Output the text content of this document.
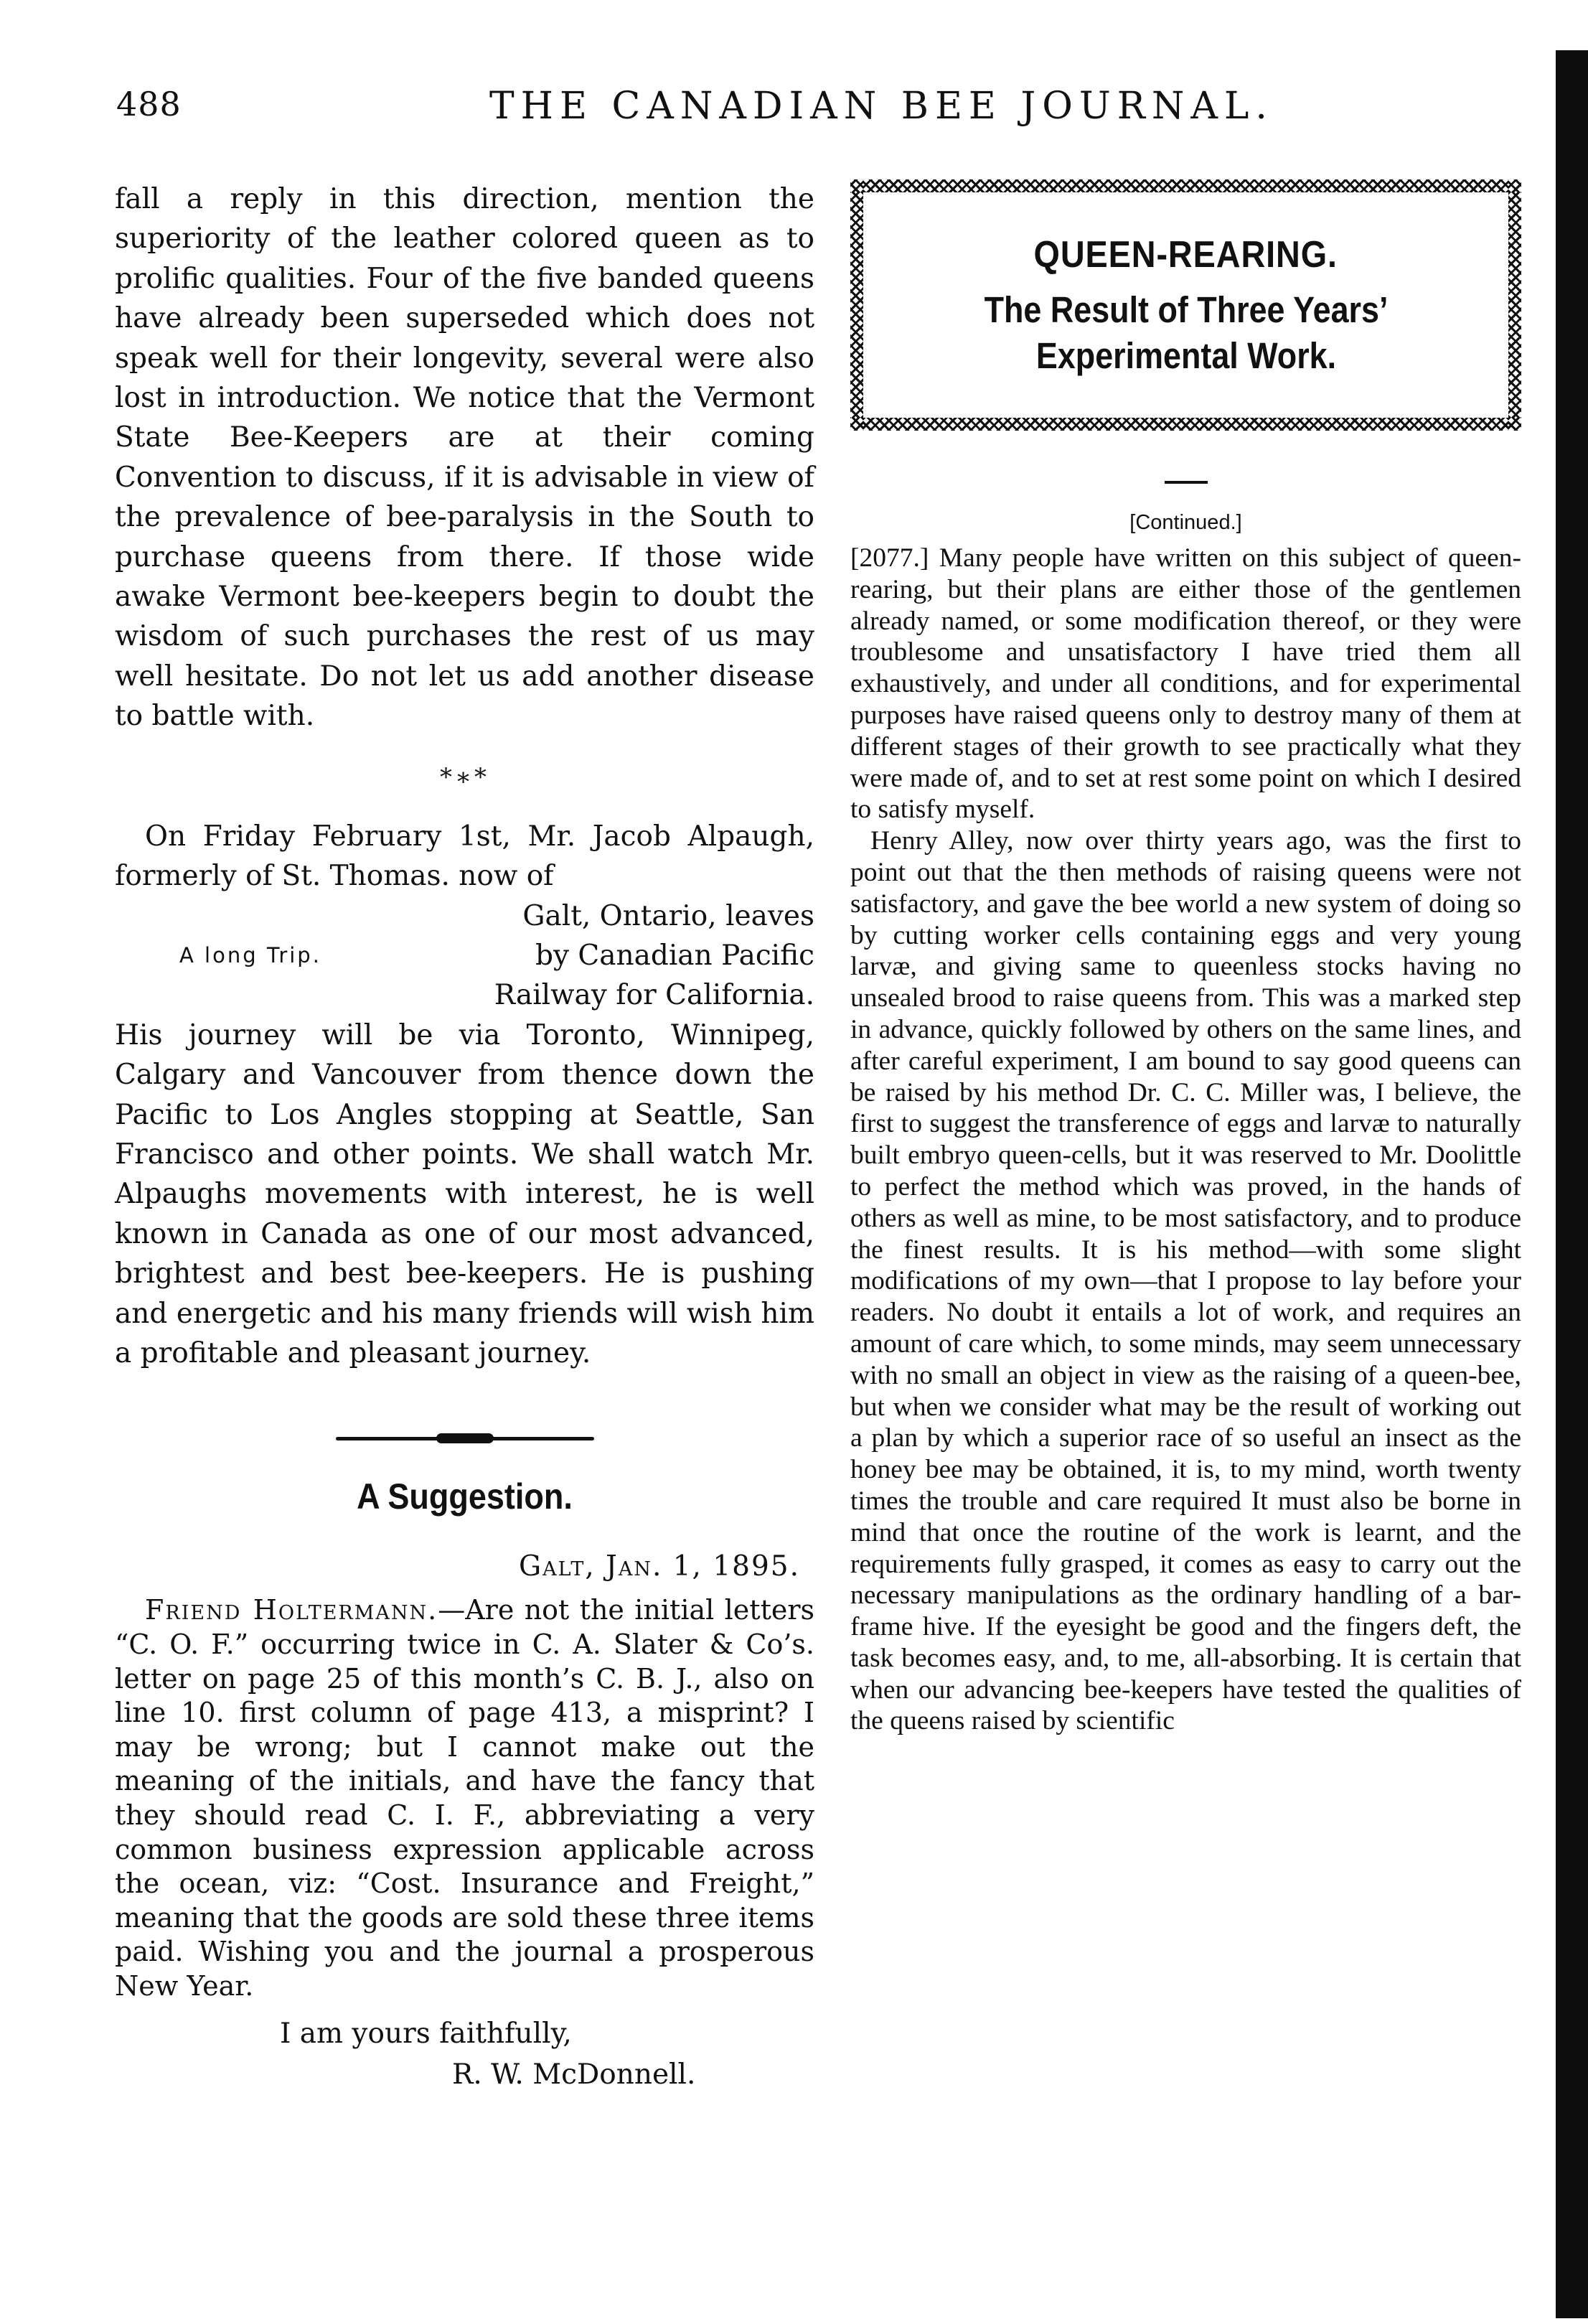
488	THE CANADIAN BEE JOURNAL.

fall a reply in this direction, mention the superiority of the leather colored queen as to prolific qualities. Four of the five banded queens have already been superseded which does not speak well for their longevity, several were also lost in introduction. We notice that the Vermont State Bee-Keepers are at their coming Convention to discuss, if it is advisable in view of the prevalence of bee-paralysis in the South to purchase queens from there. If those wide awake Vermont bee-keepers begin to doubt the wisdom of such purchases the rest of us may well hesitate. Do not let us add another disease to battle with.

*∗*

On Friday February 1st, Mr. Jacob Alpaugh, formerly of St. Thomas. now of

Galt, Ontario, leaves
A long Trip.	by Canadian Pacific
Railway for California.

His journey will be via Toronto, Winnipeg, Calgary and Vancouver from thence down the Pacific to Los Angles stopping at Seattle, San Francisco and other points. We shall watch Mr. Alpaughs movements with interest, he is well known in Canada as one of our most advanced, brightest and best bee-keepers. He is pushing and energetic and his many friends will wish him a profitable and pleasant journey.

A Suggestion.
Galt, Jan. 1, 1895.

Friend Holtermann.—Are not the initial letters “C. O. F.” occurring twice in C. A. Slater & Co’s. letter on page 25 of this month’s C. B. J., also on line 10. first column of page 413, a misprint? I may be wrong; but I cannot make out the meaning of the initials, and have the fancy that they should read C. I. F., abbreviating a very common business expression applicable across the ocean, viz: “Cost. Insurance and Freight,” meaning that the goods are sold these three items paid. Wishing you and the journal a prosperous New Year.

I am yours faithfully,

R. W. McDonnell.

QUEEN-REARING.
The Result of Three Years’ Experimental Work.
[Continued.]

[2077.] Many people have written on this subject of queen-rearing, but their plans are either those of the gentlemen already named, or some modification thereof, or they were troublesome and unsatisfactory I have tried them all exhaustively, and under all conditions, and for experimental purposes have raised queens only to destroy many of them at different stages of their growth to see practically what they were made of, and to set at rest some point on which I desired to satisfy myself.

Henry Alley, now over thirty years ago, was the first to point out that the then methods of raising queens were not satisfactory, and gave the bee world a new system of doing so by cutting worker cells containing eggs and very young larvæ, and giving same to queenless stocks having no unsealed brood to raise queens from. This was a marked step in advance, quickly followed by others on the same lines, and after careful experiment, I am bound to say good queens can be raised by his method Dr. C. C. Miller was, I believe, the first to suggest the transference of eggs and larvæ to naturally built embryo queen-cells, but it was reserved to Mr. Doolittle to perfect the method which was proved, in the hands of others as well as mine, to be most satisfactory, and to produce the finest results. It is his method—with some slight modifications of my own—that I propose to lay before your readers. No doubt it entails a lot of work, and requires an amount of care which, to some minds, may seem unnecessary with no small an object in view as the raising of a queen-bee, but when we consider what may be the result of working out a plan by which a superior race of so useful an insect as the honey bee may be obtained, it is, to my mind, worth twenty times the trouble and care required It must also be borne in mind that once the routine of the work is learnt, and the requirements fully grasped, it comes as easy to carry out the necessary manipulations as the ordinary handling of a bar-frame hive. If the eyesight be good and the fingers deft, the task becomes easy, and, to me, all-absorbing. It is certain that when our advancing bee-keepers have tested the qualities of the queens raised by scientific
